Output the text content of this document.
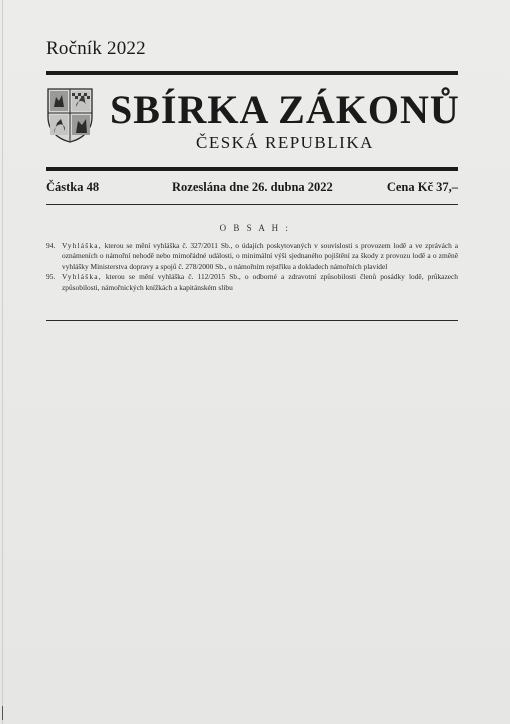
Ročník 2022
SBÍRKA ZÁKONŮ
ČESKÁ REPUBLIKA
Částka 48	Rozeslána dne 26. dubna 2022	Cena Kč 37,–
O B S A H :
94. Vyhláška, kterou se mění vyhláška č. 327/2011 Sb., o údajích poskytovaných v souvislosti s provozem lodě a ve zprávách a oznámeních o námořní nehodě nebo mimořádné události, o minimální výši sjednaného pojištění za škody z provozu lodě a o změně vyhlášky Ministerstva dopravy a spojů č. 278/2000 Sb., o námořním rejstříku a dokladech námořních plavidel
95. Vyhláška, kterou se mění vyhláška č. 112/2015 Sb., o odborné a zdravotní způsobilosti členů posádky lodě, průkazech způsobilosti, námořnických knížkách a kapitánském slibu
